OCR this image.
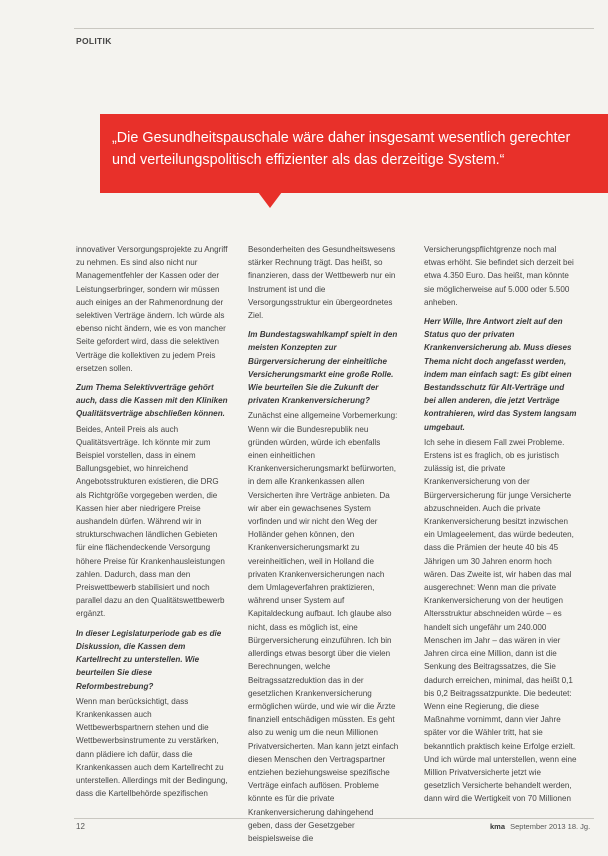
POLITIK
„Die Gesundheitspauschale wäre daher insgesamt wesentlich gerechter und verteilungspolitisch effizienter als das derzeitige System.“

innovativer Versorgungsprojekte zu Angriff zu nehmen. Es sind also nicht nur Managementfehler der Kassen oder der Leistungserbringer, sondern wir müssen auch einiges an der Rahmenordnung der selektiven Verträge ändern. Ich würde als ebenso nicht ändern, wie es von mancher Seite gefordert wird, dass die selektiven Verträge die kollektiven zu jedem Preis ersetzen sollen.

Zum Thema Selektivverträge gehört auch, dass die Kassen mit den Kliniken Qualitätsverträge abschließen können.

Beides, Anteil Preis als auch Qualitätsverträge. Ich könnte mir zum Beispiel vorstellen, dass in einem Ballungsgebiet, wo hinreichend Angebotsstrukturen existieren, die DRG als Richtgröße vorgegeben werden, die Kassen hier aber niedrigere Preise aushandeln dürfen. Während wir in strukturschwachen ländlichen Gebieten für eine flächendeckende Versorgung höhere Preise für Krankenhausleistungen zahlen. Dadurch, dass man den Preiswettbewerb stabilisiert und noch parallel dazu an den Qualitätswettbewerb ergänzt.

In dieser Legislaturperiode gab es die Diskussion, die Kassen dem Kartellrecht zu unterstellen. Wie beurteilen Sie diese Reformbestrebung?

Wenn man berücksichtigt, dass Krankenkassen auch Wettbewerbspartnern stehen und die Wettbewerbsinstrumente zu verstärken, dann plädiere ich dafür, dass die Krankenkassen auch dem Kartellrecht zu unterstellen. Allerdings mit der Bedingung, dass die Kartellbehörde spezifischen

Besonderheiten des Gesundheitswesens stärker Rechnung trägt. Das heißt, so finanzieren, dass der Wettbewerb nur ein Instrument ist und die Versorgungsstruktur ein übergeordnetes Ziel.

Im Bundestagswahlkampf spielt in den meisten Konzepten zur Bürgerversicherung der einheitliche Versicherungsmarkt eine große Rolle. Wie beurteilen Sie die Zukunft der privaten Krankenversicherung?

Zunächst eine allgemeine Vorbemerkung: Wenn wir die Bundesrepublik neu gründen würden, würde ich ebenfalls einen einheitlichen Krankenversicherungsmarkt befürworten, in dem alle Krankenkassen allen Versicherten ihre Verträge anbieten. Da wir aber ein gewachsenes System vorfinden und wir nicht den Weg der Holländer gehen können, den Krankenversicherungsmarkt zu vereinheitlichen, weil in Holland die privaten Krankenversicherungen nach dem Umlageverfahren praktizieren, während unser System auf Kapitaldeckung aufbaut. Ich glaube also nicht, dass es möglich ist, eine Bürgerversicherung einzuführen. Ich bin allerdings etwas besorgt über die vielen Berechnungen, welche Beitragssatzreduktion das in der gesetzlichen Krankenversicherung ermöglichen würde, und wie wir die Ärzte finanziell entschädigen müssten. Es geht also zu wenig um die neun Millionen Privatversicherten. Man kann jetzt einfach diesen Menschen den Vertragspartner entziehen beziehungsweise spezifische Verträge einfach auflösen. Probleme könnte es für die private Krankenversicherung dahingehend geben, dass der Gesetzgeber beispielsweise die

Versicherungspflichtgrenze noch mal etwas erhöht. Sie befindet sich derzeit bei etwa 4.350 Euro. Das heißt, man könnte sie möglicherweise auf 5.000 oder 5.500 anheben.

Herr Wille, Ihre Antwort zielt auf den Status quo der privaten Krankenversicherung ab. Muss dieses Thema nicht doch angefasst werden, indem man einfach sagt: Es gibt einen Bestandsschutz für Alt-Verträge und bei allen anderen, die jetzt Verträge kontrahieren, wird das System langsam umgebaut.

Ich sehe in diesem Fall zwei Probleme. Erstens ist es fraglich, ob es juristisch zulässig ist, die private Krankenversicherung von der Bürgerversicherung für junge Versicherte abzuschneiden. Auch die private Krankenversicherung besitzt inzwischen ein Umlageelement, das würde bedeuten, dass die Prämien der heute 40 bis 45 Jährigen um 30 Jahren enorm hoch wären. Das Zweite ist, wir haben das mal ausgerechnet: Wenn man die private Krankenversicherung von der heutigen Altersstruktur abschneiden würde – es handelt sich ungefähr um 240.000 Menschen im Jahr – das wären in vier Jahren circa eine Million, dann ist die Senkung des Beitragssatzes, die Sie dadurch erreichen, minimal, das heißt 0,1 bis 0,2 Beitragssatzpunkte. Die bedeutet: Wenn eine Regierung, die diese Maßnahme vornimmt, dann vier Jahre später vor die Wähler tritt, hat sie bekanntlich praktisch keine Erfolge erzielt. Und ich würde mal unterstellen, wenn eine Million Privatversicherte jetzt wie gesetzlich Versicherte behandelt werden, dann wird die Wertigkeit von 70 Millionen

12	kma September 2013 18. Jg.
